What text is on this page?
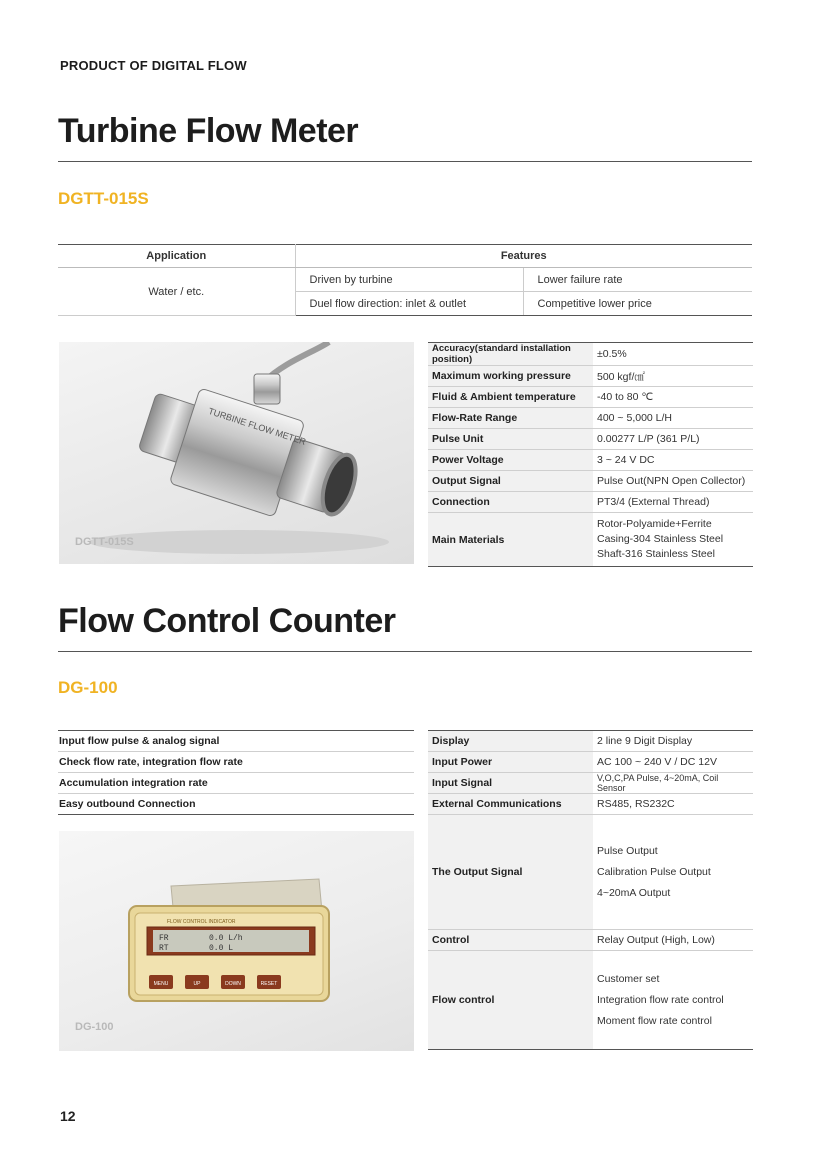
PRODUCT OF DIGITAL FLOW
Turbine Flow Meter
DGTT-015S
Application	Features	
Water / etc.	Driven by turbine	Lower failure rate
	Duel flow direction: inlet & outlet	Competitive lower price
TURBINE FLOW METER
DGTT-015S
Accuracy(standard installation position)	±0.5%
Maximum working pressure	500 kgf/㎠
Fluid & Ambient temperature	-40 to 80 ℃
Flow-Rate Range	400 ~ 5,000 L/H
Pulse Unit	0.00277 L/P (361 P/L)
Power Voltage	3 ~ 24 V DC
Output Signal	Pulse Out(NPN Open Collector)
Connection	PT3/4 (External Thread)
Main Materials	Rotor-Polyamide+Ferrite
Casing-304 Stainless Steel
Shaft-316 Stainless Steel
Flow Control Counter
DG-100
Input flow pulse & analog signal
Check flow rate, integration flow rate
Accumulation integration rate
Easy outbound Connection
FLOW CONTROL INDICATOR
FR	0.0 L/h
RT	0.0 L
MENU	UP	DOWN	RESET
DG-100
Display	2 line 9 Digit Display
Input Power	AC 100 ~ 240 V / DC 12V
Input Signal	V,O,C,PA Pulse, 4~20mA, Coil Sensor
External Communications	RS485, RS232C
The Output Signal	Pulse Output
Calibration Pulse Output
4~20mA Output

Control	Relay Output (High, Low)
Flow control	Customer set
Integration flow rate control
Moment flow rate control
12
